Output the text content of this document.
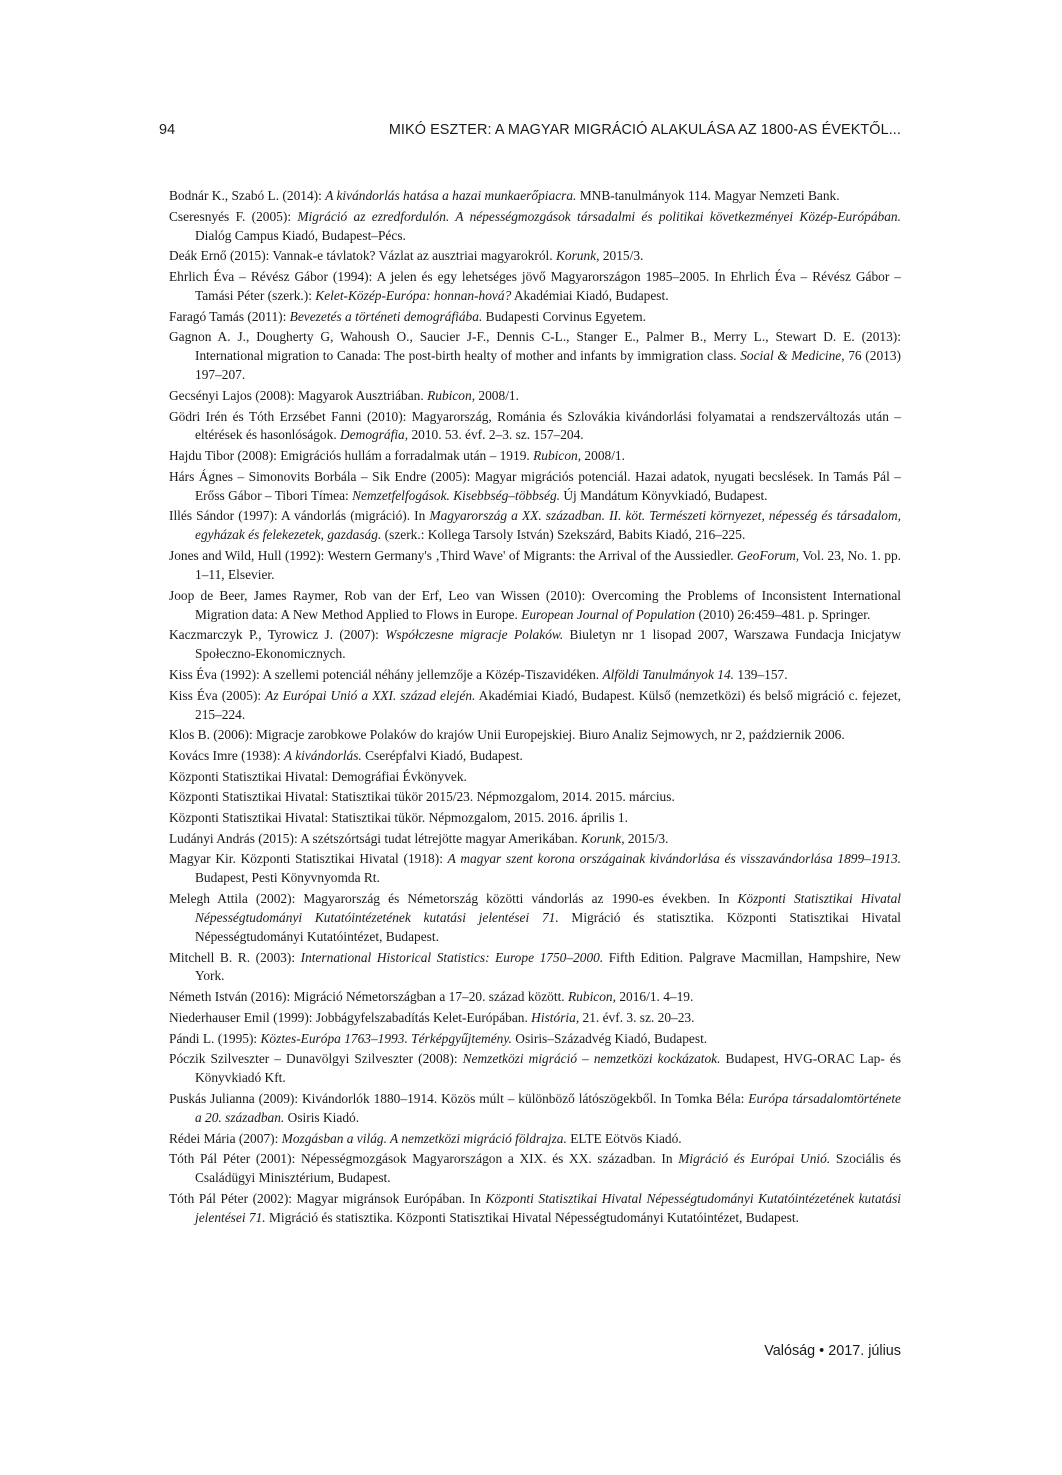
94	MIKÓ ESZTER: A MAGYAR MIGRÁCIÓ ALAKULÁSA AZ 1800-AS ÉVEKTŐL...
Bodnár K., Szabó L. (2014): A kivándorlás hatása a hazai munkaerőpiacra. MNB-tanulmányok 114. Magyar Nemzeti Bank.
Cseresnyés F. (2005): Migráció az ezredfordulón. A népességmozgások társadalmi és politikai következményei Közép-Európában. Dialóg Campus Kiadó, Budapest–Pécs.
Deák Ernő (2015): Vannak-e távlatok? Vázlat az ausztriai magyarokról. Korunk, 2015/3.
Ehrlich Éva – Révész Gábor (1994): A jelen és egy lehetséges jövő Magyarországon 1985–2005. In Ehrlich Éva – Révész Gábor – Tamási Péter (szerk.): Kelet-Közép-Európa: honnan-hová? Akadémiai Kiadó, Budapest.
Faragó Tamás (2011): Bevezetés a történeti demográfiába. Budapesti Corvinus Egyetem.
Gagnon A. J., Dougherty G, Wahoush O., Saucier J-F., Dennis C-L., Stanger E., Palmer B., Merry L., Stewart D. E. (2013): International migration to Canada: The post-birth healty of mother and infants by immigration class. Social & Medicine, 76 (2013) 197–207.
Gecsényi Lajos (2008): Magyarok Ausztriában. Rubicon, 2008/1.
Gödri Irén és Tóth Erzsébet Fanni (2010): Magyarország, Románia és Szlovákia kivándorlási folyamatai a rendszerváltozás után – eltérések és hasonlóságok. Demográfia, 2010. 53. évf. 2–3. sz. 157–204.
Hajdu Tibor (2008): Emigrációs hullám a forradalmak után – 1919. Rubicon, 2008/1.
Hárs Ágnes – Simonovits Borbála – Sik Endre (2005): Magyar migrációs potenciál. Hazai adatok, nyugati becslések. In Tamás Pál – Erőss Gábor – Tibori Tímea: Nemzetfelfogások. Kisebbség–többség. Új Mandátum Könyvkiadó, Budapest.
Illés Sándor (1997): A vándorlás (migráció). In Magyarország a XX. században. II. köt. Természeti környezet, népesség és társadalom, egyházak és felekezetek, gazdaság. (szerk.: Kollega Tarsoly István) Szekszárd, Babits Kiadó, 216–225.
Jones and Wild, Hull (1992): Western Germany's ‚Third Wave' of Migrants: the Arrival of the Aussiedler. GeoForum, Vol. 23, No. 1. pp. 1–11, Elsevier.
Joop de Beer, James Raymer, Rob van der Erf, Leo van Wissen (2010): Overcoming the Problems of Inconsistent International Migration data: A New Method Applied to Flows in Europe. European Journal of Population (2010) 26:459–481. p. Springer.
Kaczmarczyk P., Tyrowicz J. (2007): Współczesne migracje Polaków. Biuletyn nr 1 lisopad 2007, Warszawa Fundacja Inicjatyw Społeczno-Ekonomicznych.
Kiss Éva (1992): A szellemi potenciál néhány jellemzője a Közép-Tiszavidéken. Alföldi Tanulmányok 14. 139–157.
Kiss Éva (2005): Az Európai Unió a XXI. század elején. Akadémiai Kiadó, Budapest. Külső (nemzetközi) és belső migráció c. fejezet, 215–224.
Klos B. (2006): Migracje zarobkowe Polaków do krajów Unii Europejskiej. Biuro Analiz Sejmowych, nr 2, październik 2006.
Kovács Imre (1938): A kivándorlás. Cserépfalvi Kiadó, Budapest.
Központi Statisztikai Hivatal: Demográfiai Évkönyvek.
Központi Statisztikai Hivatal: Statisztikai tükör 2015/23. Népmozgalom, 2014. 2015. március.
Központi Statisztikai Hivatal: Statisztikai tükör. Népmozgalom, 2015. 2016. április 1.
Ludányi András (2015): A szétszórtsági tudat létrejötte magyar Amerikában. Korunk, 2015/3.
Magyar Kir. Központi Statisztikai Hivatal (1918): A magyar szent korona országainak kivándorlása és visszavándorlása 1899–1913. Budapest, Pesti Könyvnyomda Rt.
Melegh Attila (2002): Magyarország és Németország közötti vándorlás az 1990-es években. In Központi Statisztikai Hivatal Népességtudományi Kutatóintézetének kutatási jelentései 71. Migráció és statisztika. Központi Statisztikai Hivatal Népességtudományi Kutatóintézet, Budapest.
Mitchell B. R. (2003): International Historical Statistics: Europe 1750–2000. Fifth Edition. Palgrave Macmillan, Hampshire, New York.
Németh István (2016): Migráció Németországban a 17–20. század között. Rubicon, 2016/1. 4–19.
Niederhauser Emil (1999): Jobbágyfelszabadítás Kelet-Európában. História, 21. évf. 3. sz. 20–23.
Pándi L. (1995): Köztes-Európa 1763–1993. Térképgyűjtemény. Osiris–Századvég Kiadó, Budapest.
Póczik Szilveszter – Dunavölgyi Szilveszter (2008): Nemzetközi migráció – nemzetközi kockázatok. Budapest, HVG-ORAC Lap- és Könyvkiadó Kft.
Puskás Julianna (2009): Kivándorlók 1880–1914. Közös múlt – különböző látószögekből. In Tomka Béla: Európa társadalomtörténete a 20. században. Osiris Kiadó.
Rédei Mária (2007): Mozgásban a világ. A nemzetközi migráció földrajza. ELTE Eötvös Kiadó.
Tóth Pál Péter (2001): Népességmozgások Magyarországon a XIX. és XX. században. In Migráció és Európai Unió. Szociális és Családügyi Minisztérium, Budapest.
Tóth Pál Péter (2002): Magyar migránsok Európában. In Központi Statisztikai Hivatal Népességtudományi Kutatóintézetének kutatási jelentései 71. Migráció és statisztika. Központi Statisztikai Hivatal Népességtudományi Kutatóintézet, Budapest.
Valóság • 2017. július
